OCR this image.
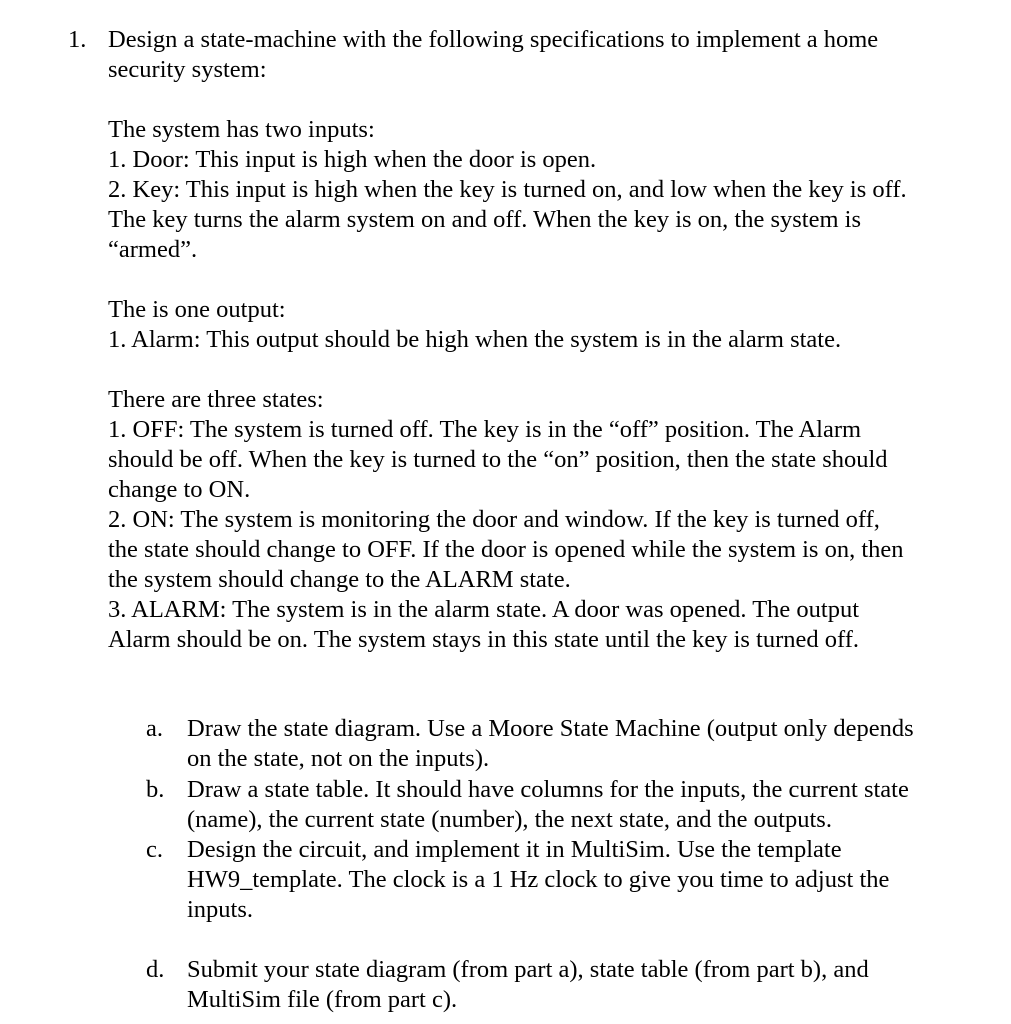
1. Design a state-machine with the following specifications to implement a home
security system:
The system has two inputs:
1. Door: This input is high when the door is open.
2. Key: This input is high when the key is turned on, and low when the key is off.
The key turns the alarm system on and off. When the key is on, the system is
“armed”.
The is one output:
1. Alarm: This output should be high when the system is in the alarm state.
There are three states:
1. OFF: The system is turned off. The key is in the “off” position. The Alarm
should be off. When the key is turned to the “on” position, then the state should
change to ON.
2. ON: The system is monitoring the door and window. If the key is turned off,
the state should change to OFF. If the door is opened while the system is on, then
the system should change to the ALARM state.
3. ALARM: The system is in the alarm state. A door was opened. The output
Alarm should be on. The system stays in this state until the key is turned off.
a. Draw the state diagram. Use a Moore State Machine (output only depends
on the state, not on the inputs).
b. Draw a state table. It should have columns for the inputs, the current state
(name), the current state (number), the next state, and the outputs.
c. Design the circuit, and implement it in MultiSim. Use the template
HW9_template. The clock is a 1 Hz clock to give you time to adjust the
inputs.
d. Submit your state diagram (from part a), state table (from part b), and
MultiSim file (from part c).
